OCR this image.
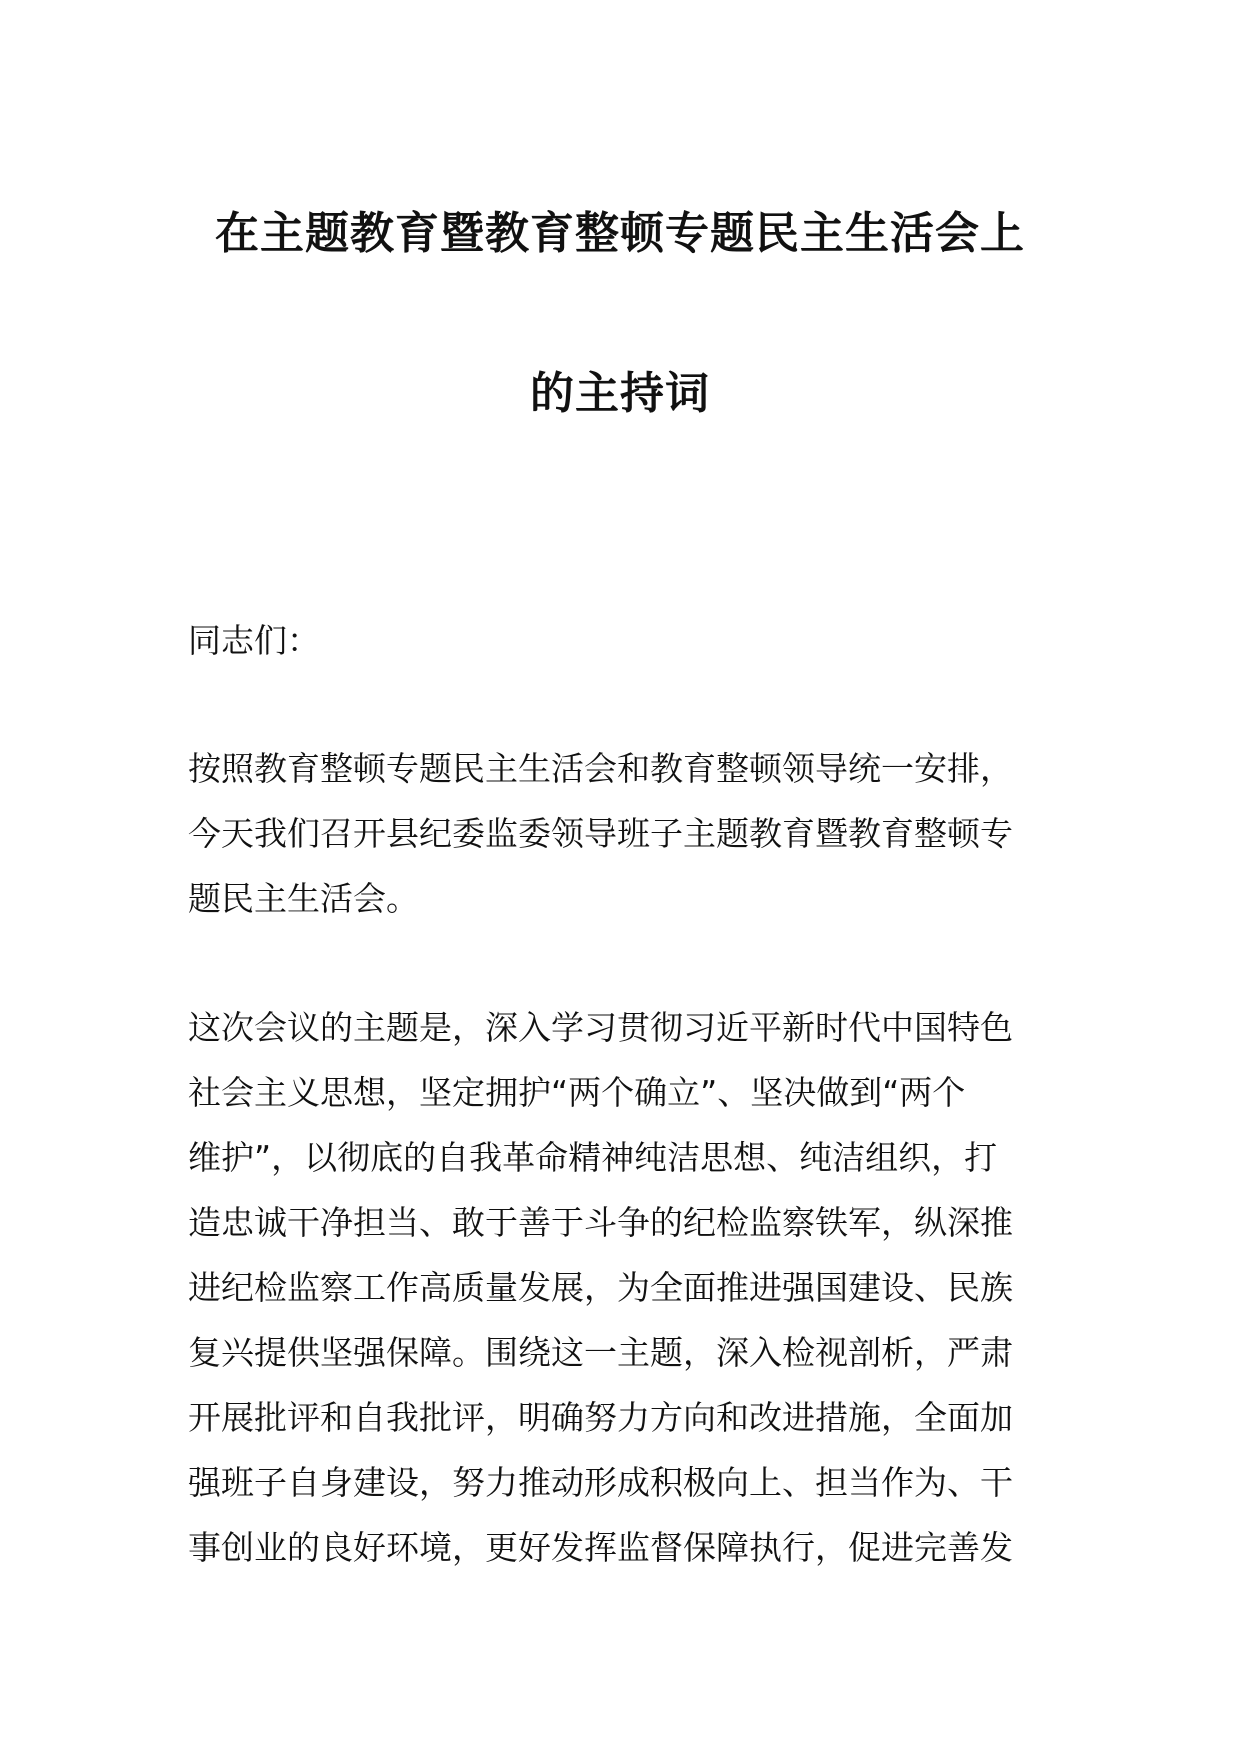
在主题教育暨教育整顿专题民主生活会上
的主持词
同志们：
按照教育整顿专题民主生活会和教育整顿领导统一安排，
今天我们召开县纪委监委领导班子主题教育暨教育整顿专
题民主生活会。
这次会议的主题是，深入学习贯彻习近平新时代中国特色
社会主义思想，坚定拥护“两个确立”、坚决做到“两个
维护”，以彻底的自我革命精神纯洁思想、纯洁组织，打
造忠诚干净担当、敢于善于斗争的纪检监察铁军，纵深推
进纪检监察工作高质量发展，为全面推进强国建设、民族
复兴提供坚强保障。围绕这一主题，深入检视剖析，严肃
开展批评和自我批评，明确努力方向和改进措施，全面加
强班子自身建设，努力推动形成积极向上、担当作为、干
事创业的良好环境，更好发挥监督保障执行，促进完善发
